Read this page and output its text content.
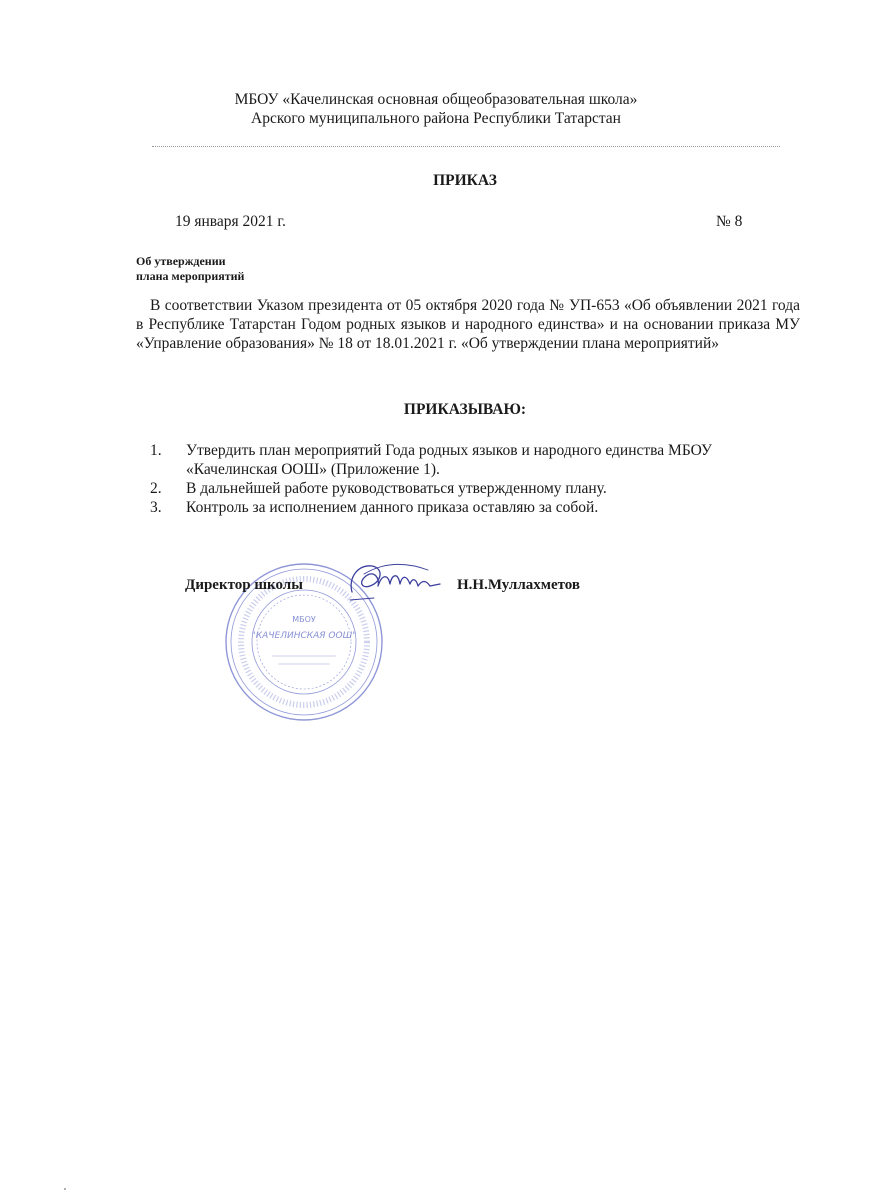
МБОУ «Качелинская основная общеобразовательная школа»
Арского муниципального района Республики Татарстан
ПРИКАЗ
19 января 2021 г.	№ 8
Об утверждении
плана мероприятий
В соответствии Указом президента от 05 октября 2020 года № УП-653 «Об объявлении 2021 года в Республике Татарстан Годом родных языков и народного единства» и на основании приказа МУ «Управление образования» № 18 от 18.01.2021 г. «Об утверждении плана мероприятий»
ПРИКАЗЫВАЮ:
1. Утвердить план мероприятий Года родных языков и народного единства МБОУ «Качелинская ООШ» (Приложение 1).
2. В дальнейшей работе руководствоваться утвержденному плану.
3. Контроль за исполнением данного приказа оставляю за собой.
МБОУ
"КАЧЕЛИНСКАЯ ООШ"
Директор школы	Н.Н.Муллахметов
